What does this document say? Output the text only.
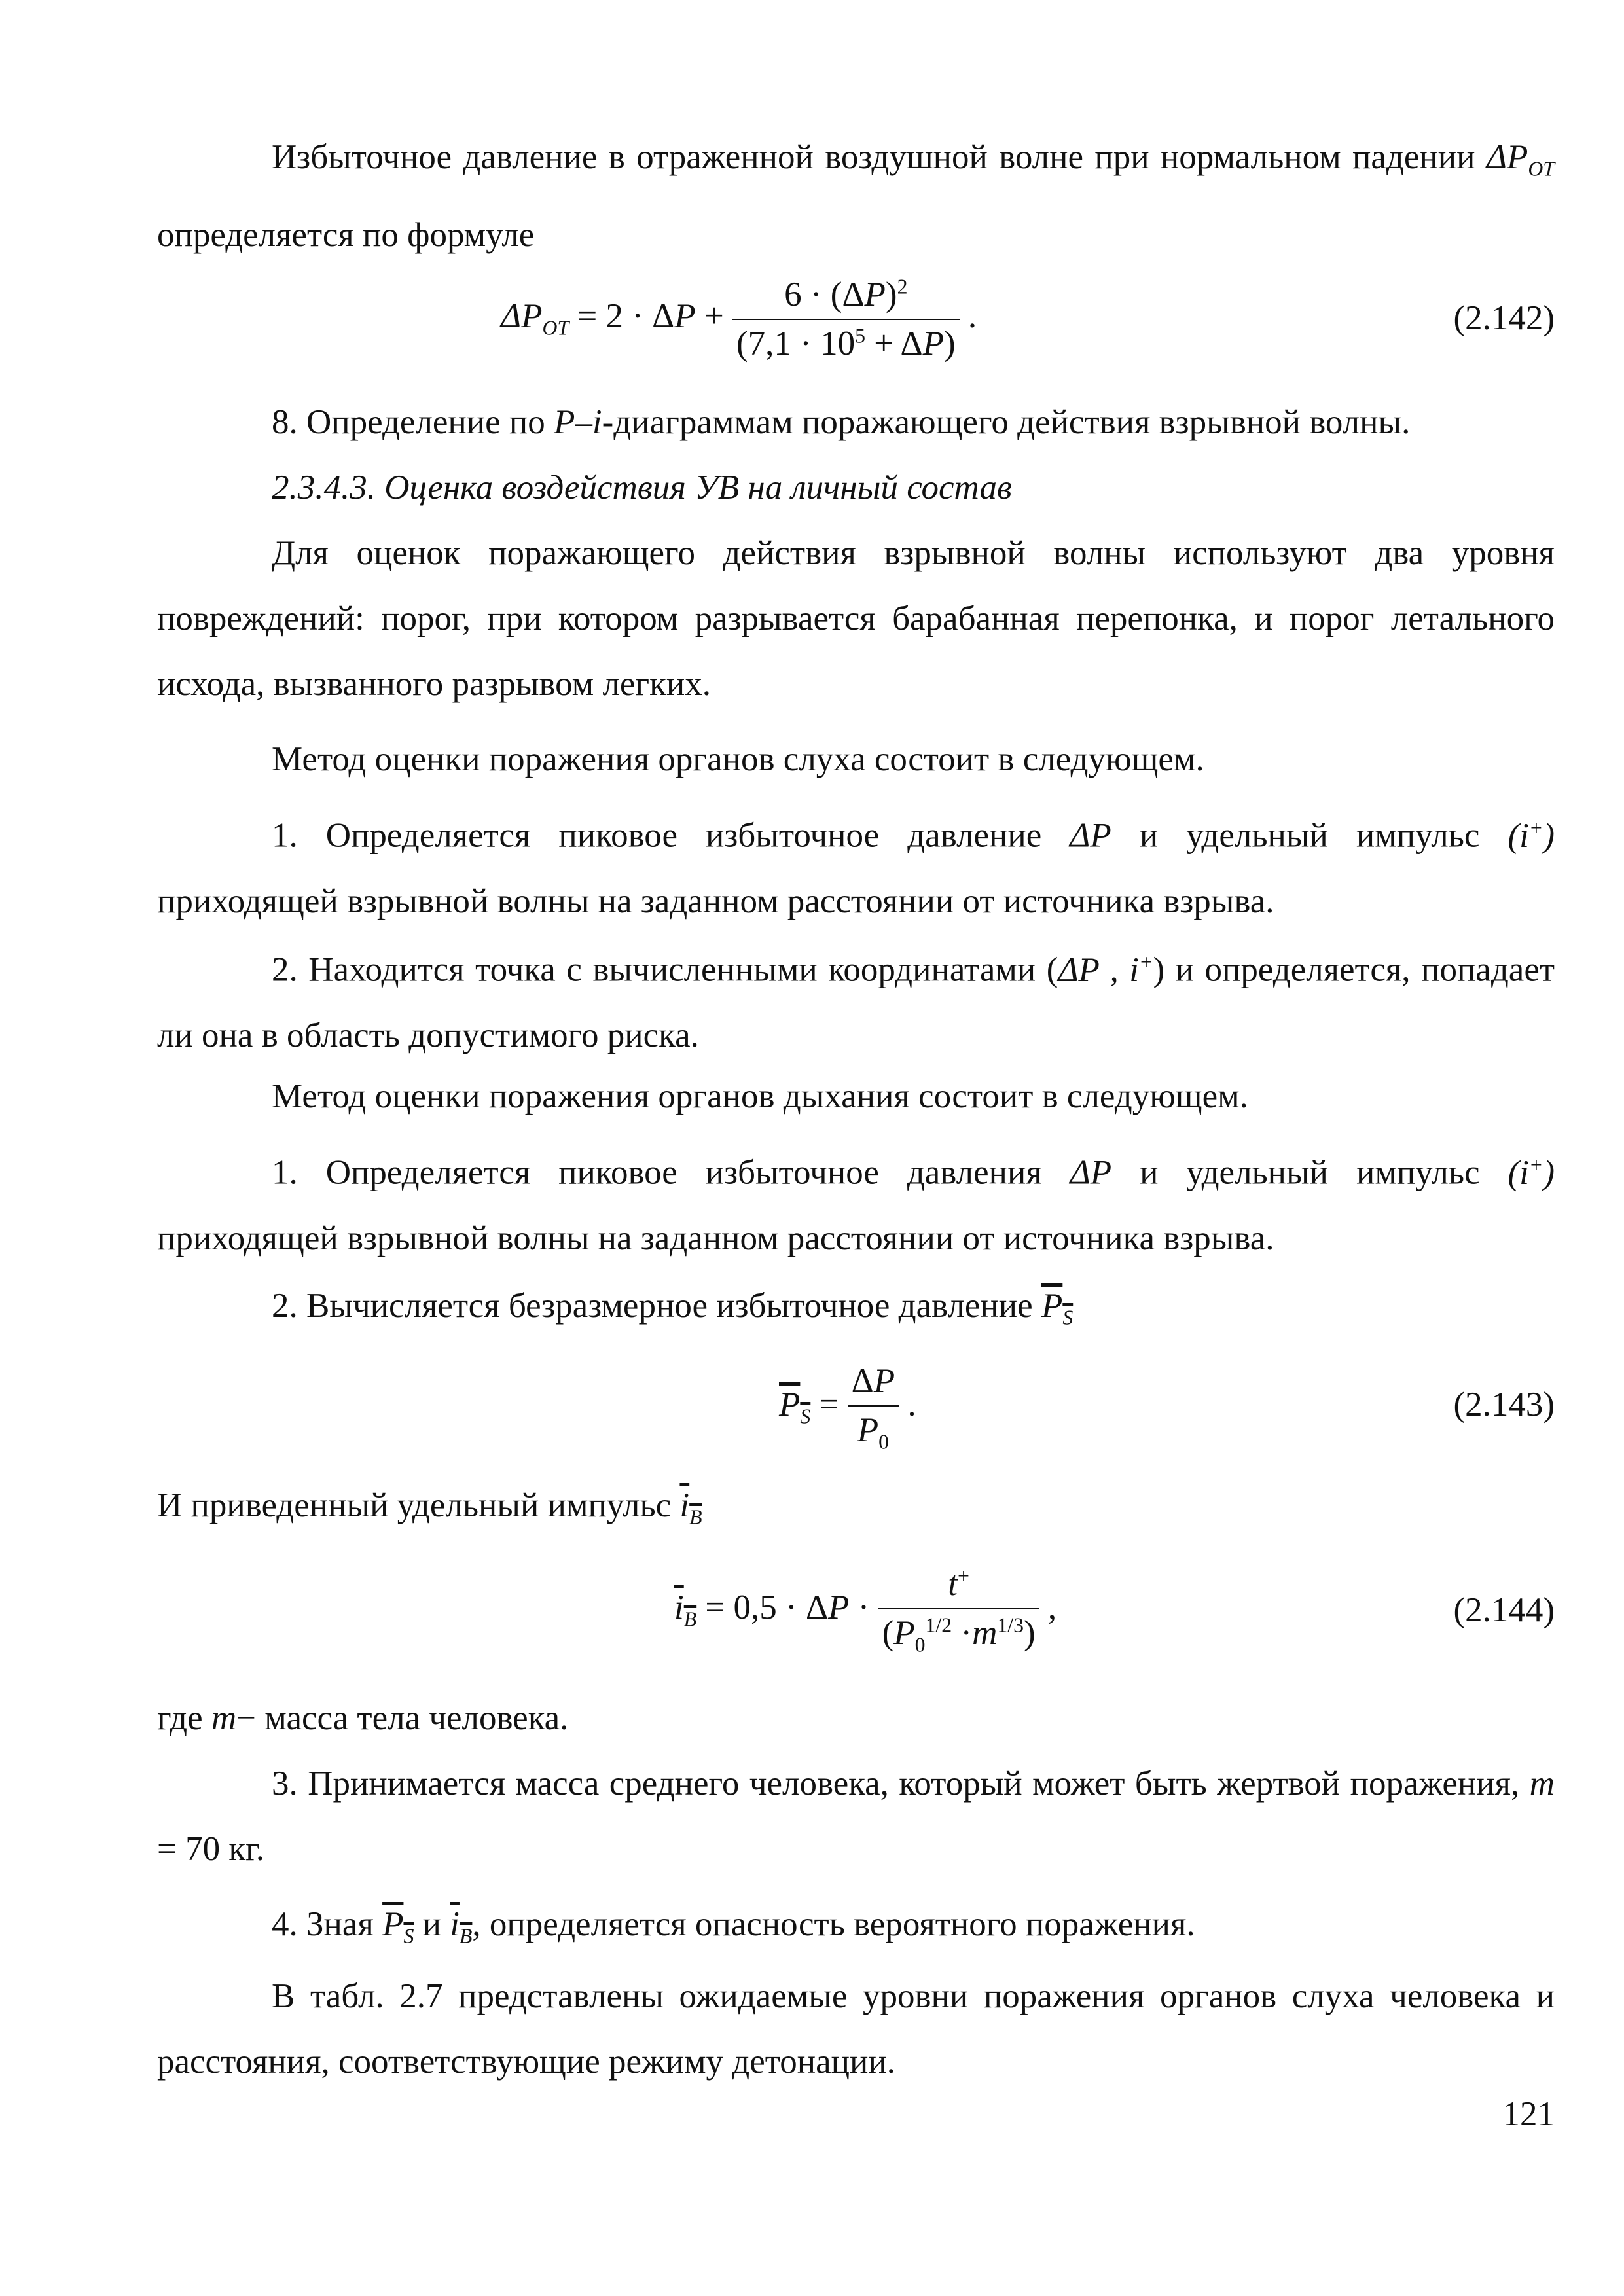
Избыточное давление в отраженной воздушной волне при нормальном падении $\Delta P_{ОТ}$ определяется по формуле
$\Delta P_{ОТ} = 2 \cdot \Delta P + \frac{6 \cdot (\Delta P)^2}{(7,1 \cdot 10^5 + \Delta P)}$ .	(2.142)
8. Определение по P–i-диаграммам поражающего действия взрывной волны.
2.3.4.3. Оценка воздействия УВ на личный состав
Для оценок поражающего действия взрывной волны используют два уровня повреждений: порог, при котором разрывается барабанная перепонка, и порог летального исхода, вызванного разрывом легких.
Метод оценки поражения органов слуха состоит в следующем.
1. Определяется пиковое избыточное давление ΔP и удельный импульс (i+) приходящей взрывной волны на заданном расстоянии от источника взрыва.
2. Находится точка с вычисленными координатами (ΔP , i+) и определяется, попадает ли она в область допустимого риска.
Метод оценки поражения органов дыхания состоит в следующем.
1. Определяется пиковое избыточное давления ΔP и удельный импульс (i+) приходящей взрывной волны на заданном расстоянии от источника взрыва.
2. Вычисляется безразмерное избыточное давление $P_S$
$P_S = \frac{\Delta P}{P_0}$ .	(2.143)
И приведенный удельный импульс $i_B$
$i_B = 0,5 \cdot \Delta P \cdot \frac{t^+}{(P_0^{1/2} \cdot m^{1/3})}$ ,	(2.144)
где m− масса тела человека.
3. Принимается масса среднего человека, который может быть жертвой поражения, m = 70 кг.
4. Зная $P_S$ и $i_B$, определяется опасность вероятного поражения.
В табл. 2.7 представлены ожидаемые уровни поражения органов слуха человека и расстояния, соответствующие режиму детонации.
121
